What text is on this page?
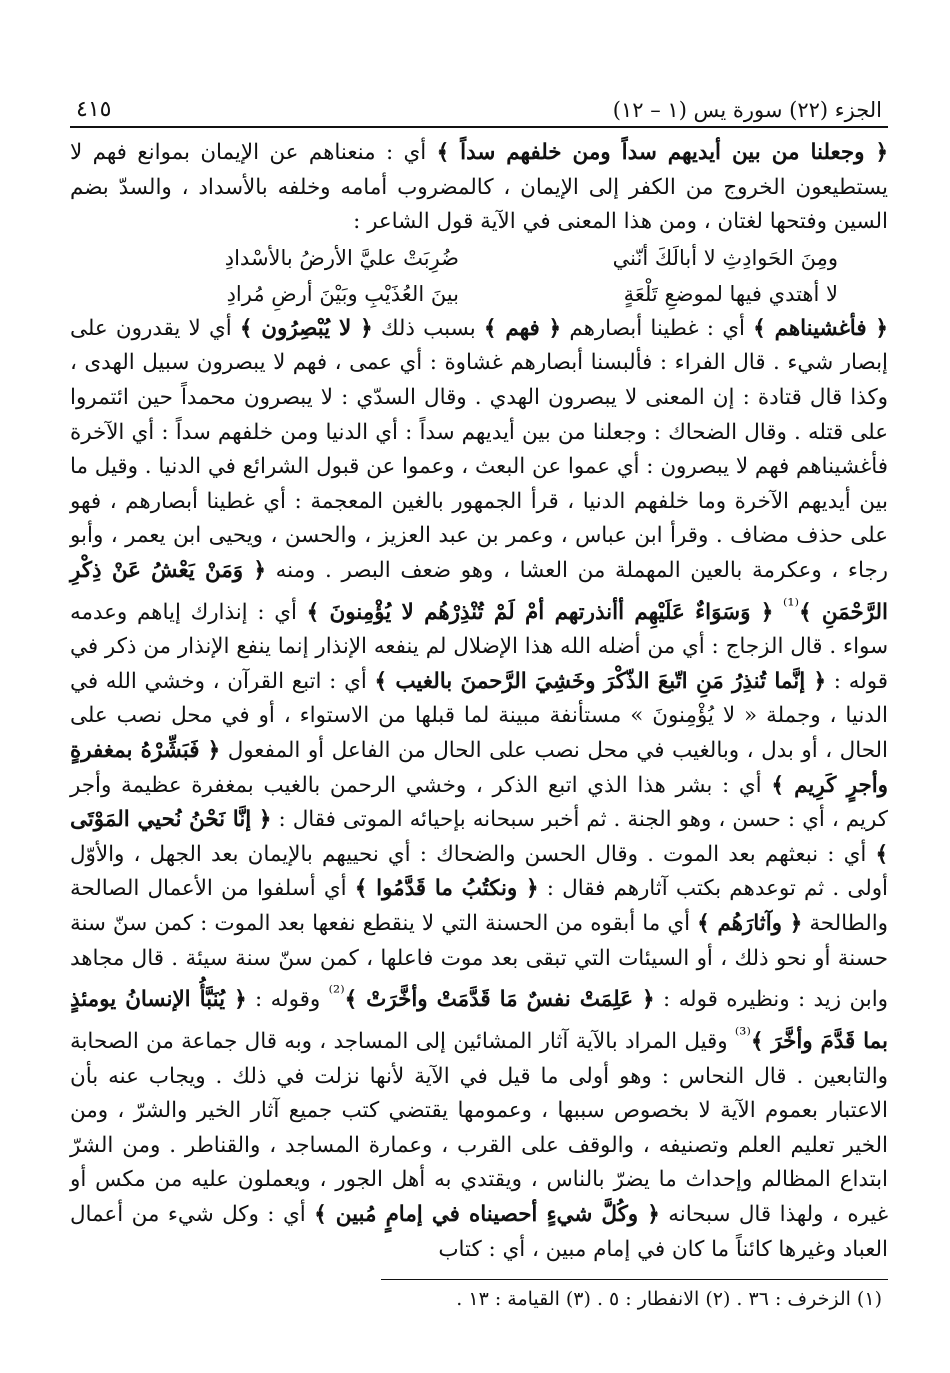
الجزء (٢٢) سورة يس (١ – ١٢)
٤١٥

﴿ وجعلنا من بين أيديهم سداً ومن خلفهم سداً ﴾ أي : منعناهم عن الإيمان بموانع فهم لا يستطيعون الخروج من الكفر إلى الإيمان ، كالمضروب أمامه وخلفه بالأسداد ، والسدّ بضم السين وفتحها لغتان ، ومن هذا المعنى في الآية قول الشاعر :

ومِنَ الحَوادِثِ لا أبالَكَ أنّني
ضُرِبَتْ عليَّ الأرضُ بالأسْدادِ
لا أهتدي فيها لموضعِ تَلْعَةٍ
بينَ العُذَيْبِ وبَيْنَ أرضِ مُرادِ

﴿ فأغشيناهم ﴾ أي : غطينا أبصارهم ﴿ فهم ﴾ بسبب ذلك ﴿ لا يُبْصِرُون ﴾ أي لا يقدرون على إبصار شيء . قال الفراء : فألبسنا أبصارهم غشاوة : أي عمى ، فهم لا يبصرون سبيل الهدى ، وكذا قال قتادة : إن المعنى لا يبصرون الهدي . وقال السدّي : لا يبصرون محمداً حين ائتمروا على قتله . وقال الضحاك : وجعلنا من بين أيديهم سداً : أي الدنيا ومن خلفهم سداً : أي الآخرة فأغشيناهم فهم لا يبصرون : أي عموا عن البعث ، وعموا عن قبول الشرائع في الدنيا . وقيل ما بين أيديهم الآخرة وما خلفهم الدنيا ، قرأ الجمهور بالغين المعجمة : أي غطينا أبصارهم ، فهو على حذف مضاف . وقرأ ابن عباس ، وعمر بن عبد العزيز ، والحسن ، ويحيى ابن يعمر ، وأبو رجاء ، وعكرمة بالعين المهملة من العشا ، وهو ضعف البصر . ومنه ﴿ وَمَنْ يَعْشُ عَنْ ذِكْرِ الرَّحْمَنِ ﴾$^{^{(1)}}$ ﴿ وَسَوَاءٌ عَلَيْهِم أأنذرتهم أمْ لَمْ تُنْذِرْهُم لا يُؤْمِنونَ ﴾ أي : إنذارك إياهم وعدمه سواء . قال الزجاج : أي من أضله الله هذا الإضلال لم ينفعه الإنذار إنما ينفع الإنذار من ذكر في قوله : ﴿ إنَّما تُنذِرُ مَنِ اتّبعَ الذّكْرَ وخَشِيَ الرَّحمنَ بالغيب ﴾ أي : اتبع القرآن ، وخشي الله في الدنيا ، وجملة « لا يُؤْمِنونَ » مستأنفة مبينة لما قبلها من الاستواء ، أو في محل نصب على الحال ، أو بدل ، وبالغيب في محل نصب على الحال من الفاعل أو المفعول ﴿ فَبَشِّرْهُ بمغفرةٍ وأجرٍ كَرِيم ﴾ أي : بشر هذا الذي اتبع الذكر ، وخشي الرحمن بالغيب بمغفرة عظيمة وأجر كريم ، أي : حسن ، وهو الجنة . ثم أخبر سبحانه بإحيائه الموتى فقال : ﴿ إنَّا نَحْنُ نُحيي المَوْتَى ﴾ أي : نبعثهم بعد الموت . وقال الحسن والضحاك : أي نحييهم بالإيمان بعد الجهل ، والأوّل أولى . ثم توعدهم بكتب آثارهم فقال : ﴿ ونكتُبُ ما قَدَّمُوا ﴾ أي أسلفوا من الأعمال الصالحة والطالحة ﴿ وآثارَهُم ﴾ أي ما أبقوه من الحسنة التي لا ينقطع نفعها بعد الموت : كمن سنّ سنة حسنة أو نحو ذلك ، أو السيئات التي تبقى بعد موت فاعلها ، كمن سنّ سنة سيئة . قال مجاهد وابن زيد : ونظيره قوله : ﴿ عَلِمَتْ نفسٌ مَا قَدَّمَتْ وأخَّرَتْ ﴾$^{^{(2)}}$ وقوله : ﴿ يُنَبَّأُ الإنسانُ يومئذٍ بما قَدَّمَ وأخَّرَ ﴾$^{^{(3)}}$ وقيل المراد بالآية آثار المشائين إلى المساجد ، وبه قال جماعة من الصحابة والتابعين . قال النحاس : وهو أولى ما قيل في الآية لأنها نزلت في ذلك . ويجاب عنه بأن الاعتبار بعموم الآية لا بخصوص سببها ، وعمومها يقتضي كتب جميع آثار الخير والشرّ ، ومن الخير تعليم العلم وتصنيفه ، والوقف على القرب ، وعمارة المساجد ، والقناطر . ومن الشرّ ابتداع المظالم وإحداث ما يضرّ بالناس ، ويقتدي به أهل الجور ، ويعملون عليه من مكس أو غيره ، ولهذا قال سبحانه ﴿ وكُلَّ شيءٍ أحصيناه في إمامٍ مُبين ﴾ أي : وكل شيء من أعمال العباد وغيرها كائناً ما كان في إمام مبين ، أي : كتاب

(١) الزخرف : ٣٦ . (٢) الانفطار : ٥ . (٣) القيامة : ١٣ .
